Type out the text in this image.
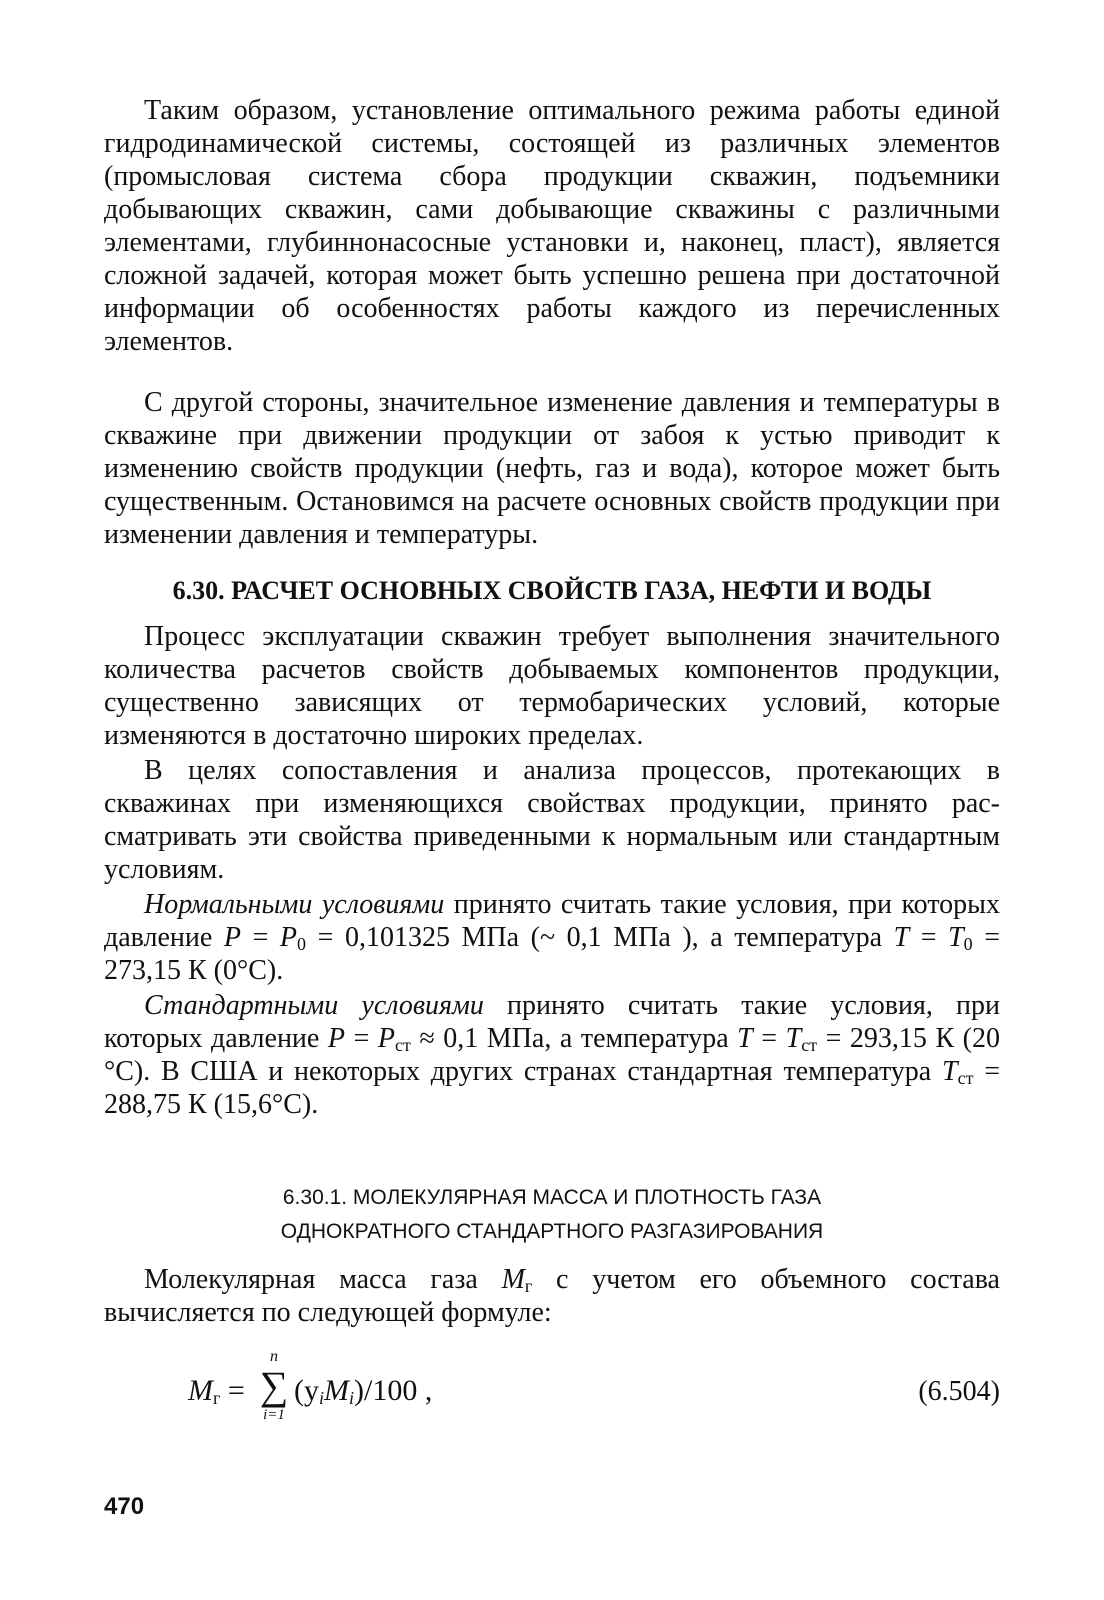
Таким образом, установление оптимального режима работы единой гидродинамической системы, состоящей из различных элементов (промысловая система сбора продукции скважин, подъемники добывающих скважин, сами добывающие скважины с различными элементами, глубиннонасосные установки и, наконец, пласт), является сложной задачей, которая может быть успешно решена при достаточной информации об особенностях работы каждого из перечисленных элементов.

С другой стороны, значительное изменение давления и температуры в скважине при движении продукции от забоя к устью приводит к изменению свойств продукции (нефть, газ и вода), которое может быть существенным. Остановимся на расчете основных свойств продукции при изменении давления и температуры.

6.30. РАСЧЕТ ОСНОВНЫХ СВОЙСТВ ГАЗА, НЕФТИ И ВОДЫ

Процесс эксплуатации скважин требует выполнения значительного количества расчетов свойств добываемых компонентов продукции, существенно зависящих от термобарических условий, которые изменяются в достаточно широких пределах.

В целях сопоставления и анализа процессов, протекающих в скважинах при изменяющихся свойствах продукции, принято рассматривать эти свойства приведенными к нормальным или стандартным условиям.

Нормальными условиями принято считать такие условия, при которых давление $P = P_0 = 0,101325$ МПа (~ 0,1 МПа ), а температура $T = T_0 = 273,15$ К (0°С).

Стандартными условиями принято считать такие условия, при которых давление $P = P_{ст} \approx 0,1$ МПа, а температура $T = T_{ст} = 293,15$ К (20 °С). В США и некоторых других странах стандартная температура $T_{ст} = 288,75$ К (15,6°С).

6.30.1. МОЛЕКУЛЯРНАЯ МАССА И ПЛОТНОСТЬ ГАЗА
ОДНОКРАТНОГО СТАНДАРТНОГО РАЗГАЗИРОВАНИЯ

Молекулярная масса газа $M_г$ с учетом его объемного состава вычисляется по следующей формуле:

$M_г$ =
n
∑
i=1
$(y_iM_i)/100$ ,	(6.504)
470
